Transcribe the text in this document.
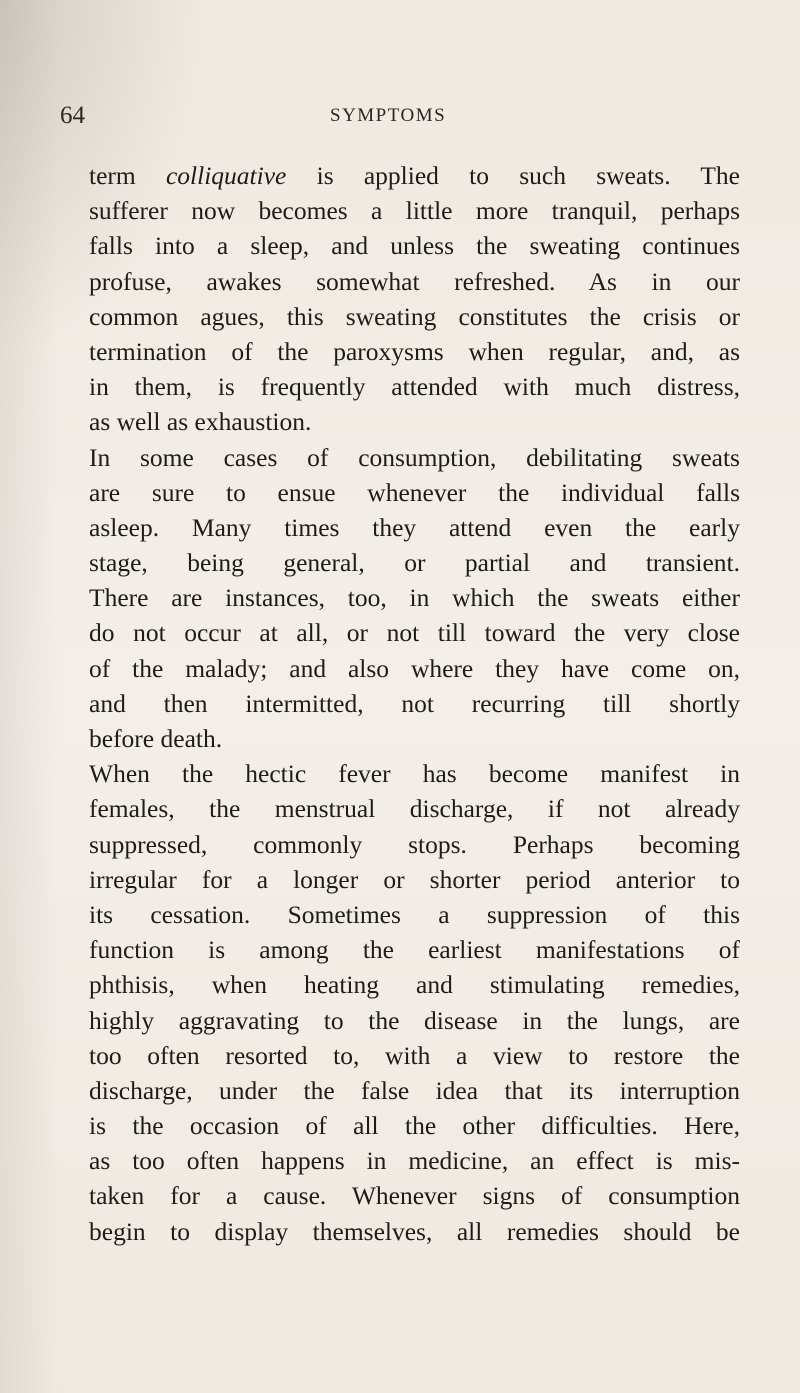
64	SYMPTOMS
term colliquative is applied to such sweats. The
sufferer now becomes a little more tranquil, perhaps
falls into a sleep, and unless the sweating continues
profuse, awakes somewhat refreshed. As in our
common agues, this sweating constitutes the crisis or
termination of the paroxysms when regular, and, as
in them, is frequently attended with much distress,
as well as exhaustion.
In some cases of consumption, debilitating sweats
are sure to ensue whenever the individual falls
asleep. Many times they attend even the early
stage, being general, or partial and transient.
There are instances, too, in which the sweats either
do not occur at all, or not till toward the very close
of the malady; and also where they have come on,
and then intermitted, not recurring till shortly
before death.
When the hectic fever has become manifest in
females, the menstrual discharge, if not already
suppressed, commonly stops. Perhaps becoming
irregular for a longer or shorter period anterior to
its cessation. Sometimes a suppression of this
function is among the earliest manifestations of
phthisis, when heating and stimulating remedies,
highly aggravating to the disease in the lungs, are
too often resorted to, with a view to restore the
discharge, under the false idea that its interruption
is the occasion of all the other difficulties. Here,
as too often happens in medicine, an effect is mis-
taken for a cause. Whenever signs of consumption
begin to display themselves, all remedies should be
